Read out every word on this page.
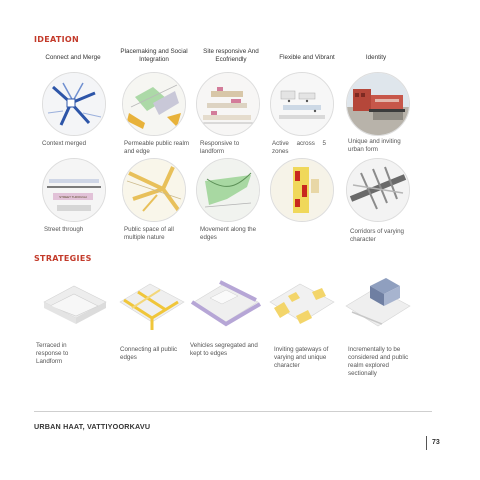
IDEATION
Connect and Merge
Placemaking and Social Integration
Site responsive And Ecofriendly	Flexible and Vibrant	Identity
Context merged	Permeable public realm and edge
Responsive to landform
Active across 5 zones
Unique and inviting urban form
STREET THROUGH
Street through	Public space of all multiple nature
Movement along the edges
Corridors of varying character
STRATEGIES
Terraced in response to Landform
Connecting all public edges
Vehicles segregated and kept to edges
Inviting gateways of varying and unique character
Incrementally to be considered and public realm explored sectionally
URBAN HAAT, VATTIYOORKAVU
73
